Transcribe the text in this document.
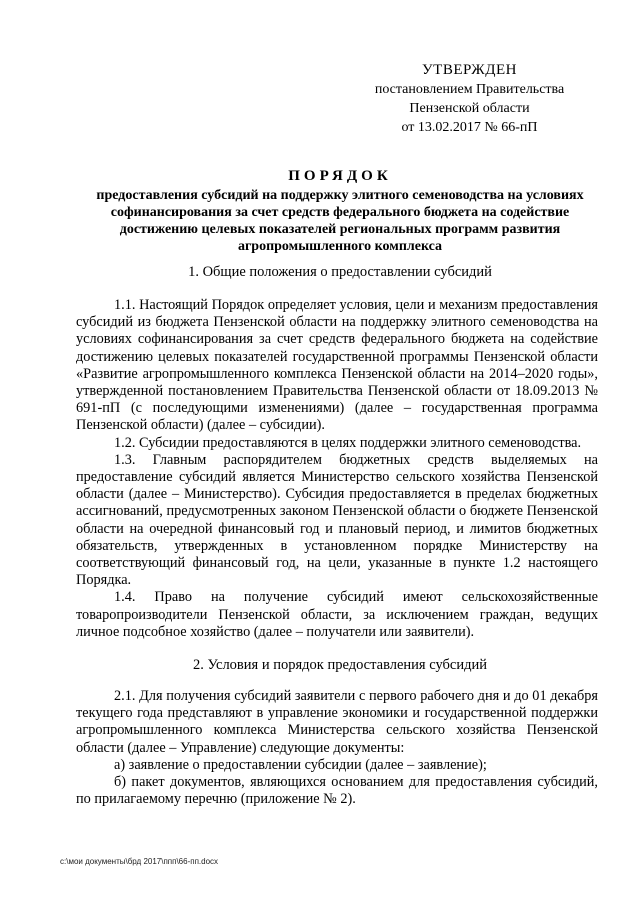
УТВЕРЖДЕН
постановлением Правительства
Пензенской области
от 13.02.2017 № 66-пП
ПОРЯДОК
предоставления субсидий на поддержку элитного семеноводства на условиях софинансирования за счет средств федерального бюджета на содействие достижению целевых показателей региональных программ развития агропромышленного комплекса
1. Общие положения о предоставлении субсидий

1.1. Настоящий Порядок определяет условия, цели и механизм предоставления субсидий из бюджета Пензенской области на поддержку элитного семеноводства на условиях софинансирования за счет средств федерального бюджета на содействие достижению целевых показателей государственной программы Пензенской области «Развитие агропромышленного комплекса Пензенской области на 2014–2020 годы», утвержденной постановлением Правительства Пензенской области от 18.09.2013 № 691-пП (с последующими изменениями) (далее – государственная программа Пензенской области) (далее – субсидии).

1.2. Субсидии предоставляются в целях поддержки элитного семеноводства.

1.3. Главным распорядителем бюджетных средств выделяемых на предоставление субсидий является Министерство сельского хозяйства Пензенской области (далее – Министерство). Субсидия предоставляется в пределах бюджетных ассигнований, предусмотренных законом Пензенской области о бюджете Пензенской области на очередной финансовый год и плановый период, и лимитов бюджетных обязательств, утвержденных в установленном порядке Министерству на соответствующий финансовый год, на цели, указанные в пункте 1.2 настоящего Порядка.

1.4. Право на получение субсидий имеют сельскохозяйственные товаропроизводители Пензенской области, за исключением граждан, ведущих личное подсобное хозяйство (далее – получатели или заявители).

2. Условия и порядок предоставления субсидий

2.1. Для получения субсидий заявители с первого рабочего дня и до 01 декабря текущего года представляют в управление экономики и государственной поддержки агропромышленного комплекса Министерства сельского хозяйства Пензенской области (далее – Управление) следующие документы:

а) заявление о предоставлении субсидии (далее – заявление);

б) пакет документов, являющихся основанием для предоставления субсидий, по прилагаемому перечню (приложение № 2).

c:\мои документы\брд 2017\ппп\66-пп.docx
